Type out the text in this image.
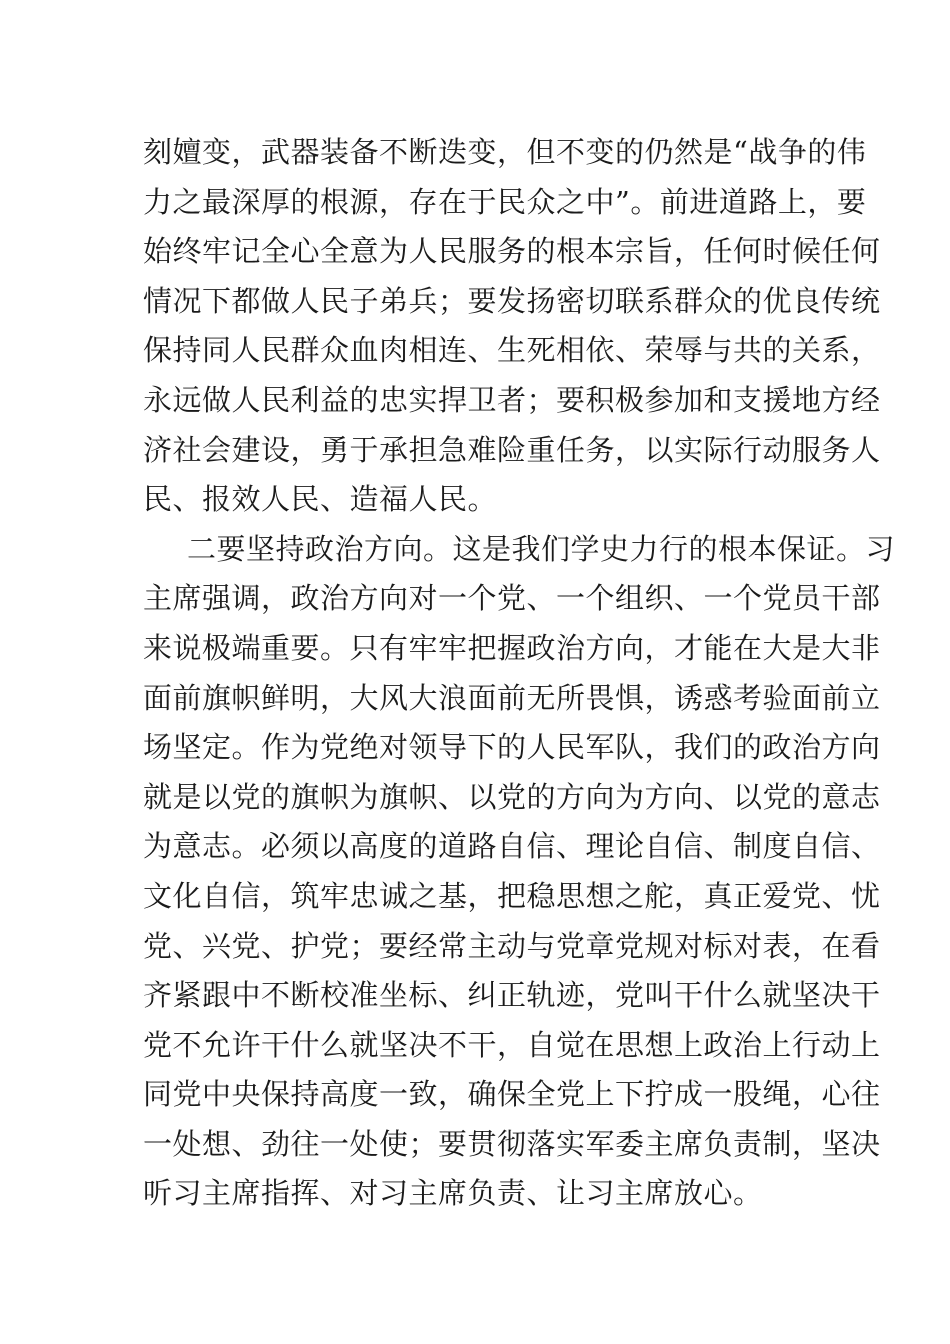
刻嬗变，武器装备不断迭变，但不变的仍然是“战争的伟
力之最深厚的根源，存在于民众之中”。前进道路上，要
始终牢记全心全意为人民服务的根本宗旨，任何时候任何
情况下都做人民子弟兵；要发扬密切联系群众的优良传统
保持同人民群众血肉相连、生死相依、荣辱与共的关系，
永远做人民利益的忠实捍卫者；要积极参加和支援地方经
济社会建设，勇于承担急难险重任务，以实际行动服务人
民、报效人民、造福人民。
二要坚持政治方向。这是我们学史力行的根本保证。习
主席强调，政治方向对一个党、一个组织、一个党员干部
来说极端重要。只有牢牢把握政治方向，才能在大是大非
面前旗帜鲜明，大风大浪面前无所畏惧，诱惑考验面前立
场坚定。作为党绝对领导下的人民军队，我们的政治方向
就是以党的旗帜为旗帜、以党的方向为方向、以党的意志
为意志。必须以高度的道路自信、理论自信、制度自信、
文化自信，筑牢忠诚之基，把稳思想之舵，真正爱党、忧
党、兴党、护党；要经常主动与党章党规对标对表，在看
齐紧跟中不断校准坐标、纠正轨迹，党叫干什么就坚决干
党不允许干什么就坚决不干，自觉在思想上政治上行动上
同党中央保持高度一致，确保全党上下拧成一股绳，心往
一处想、劲往一处使；要贯彻落实军委主席负责制，坚决
听习主席指挥、对习主席负责、让习主席放心。
